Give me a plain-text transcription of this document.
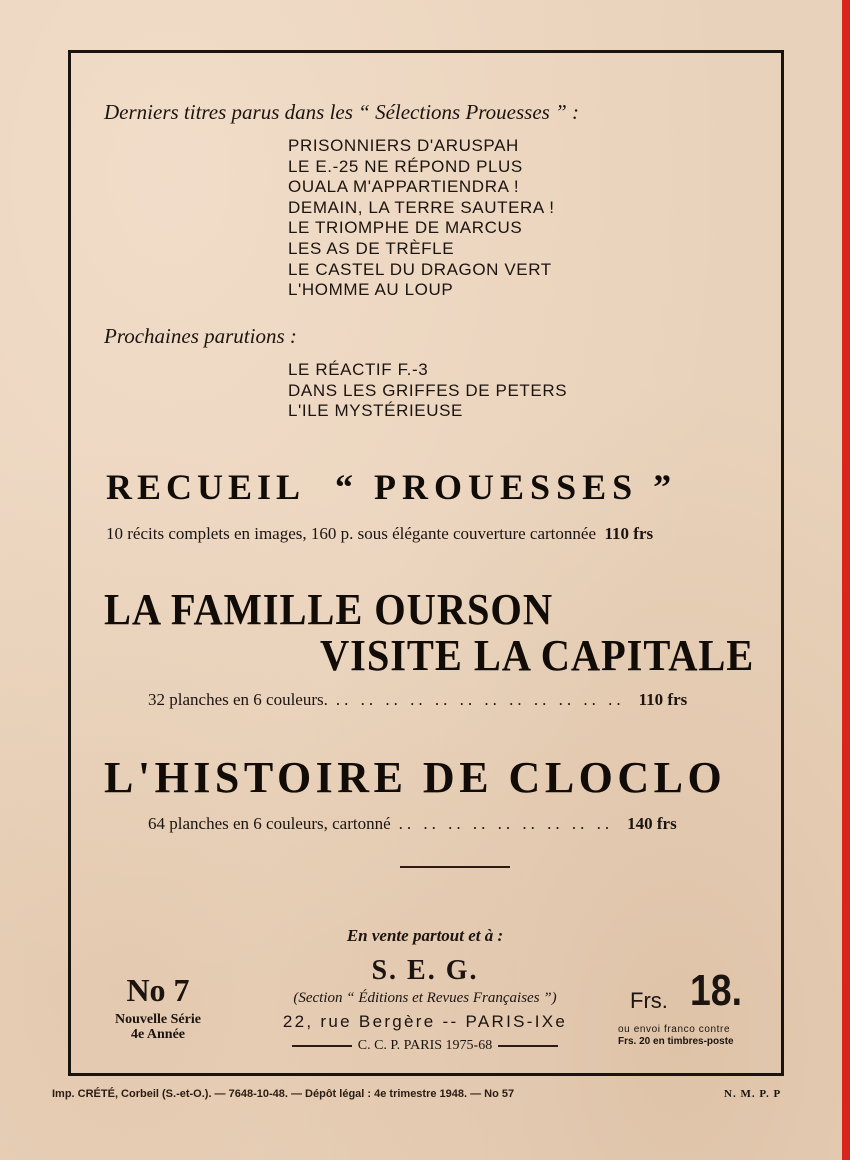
Derniers titres parus dans les “ Sélections Prouesses ” :
PRISONNIERS D'ARUSPAH
LE E.-25 NE RÉPOND PLUS
OUALA M'APPARTIENDRA !
DEMAIN, LA TERRE SAUTERA !
LE TRIOMPHE DE MARCUS
LES AS DE TRÈFLE
LE CASTEL DU DRAGON VERT
L'HOMME AU LOUP
Prochaines parutions :
LE RÉACTIF F.-3
DANS LES GRIFFES DE PETERS
L'ILE MYSTÉRIEUSE
RECUEIL “ PROUESSES ”
10 récits complets en images, 160 p. sous élégante couverture cartonnée 110 frs
LA FAMILLE OURSON
VISITE LA CAPITALE
32 planches en 6 couleurs. .. .. .. .. .. .. .. .. .. .. .. .. 110 frs
L'HISTOIRE DE CLOCLO
64 planches en 6 couleurs, cartonné .. .. .. .. .. .. .. .. .. 140 frs
En vente partout et à :
S. E. G.
(Section “ Éditions et Revues Françaises ”)
22, rue Bergère -- PARIS-IXe
C. C. P. PARIS 1975-68
No 7
Nouvelle Série
4e Année
Frs. 18.
ou envoi franco contre
Frs. 20 en timbres-poste
Imp. CRÉTÉ, Corbeil (S.-et-O.). — 7648-10-48. — Dépôt légal : 4e trimestre 1948. — No 57	N. M. P. P
